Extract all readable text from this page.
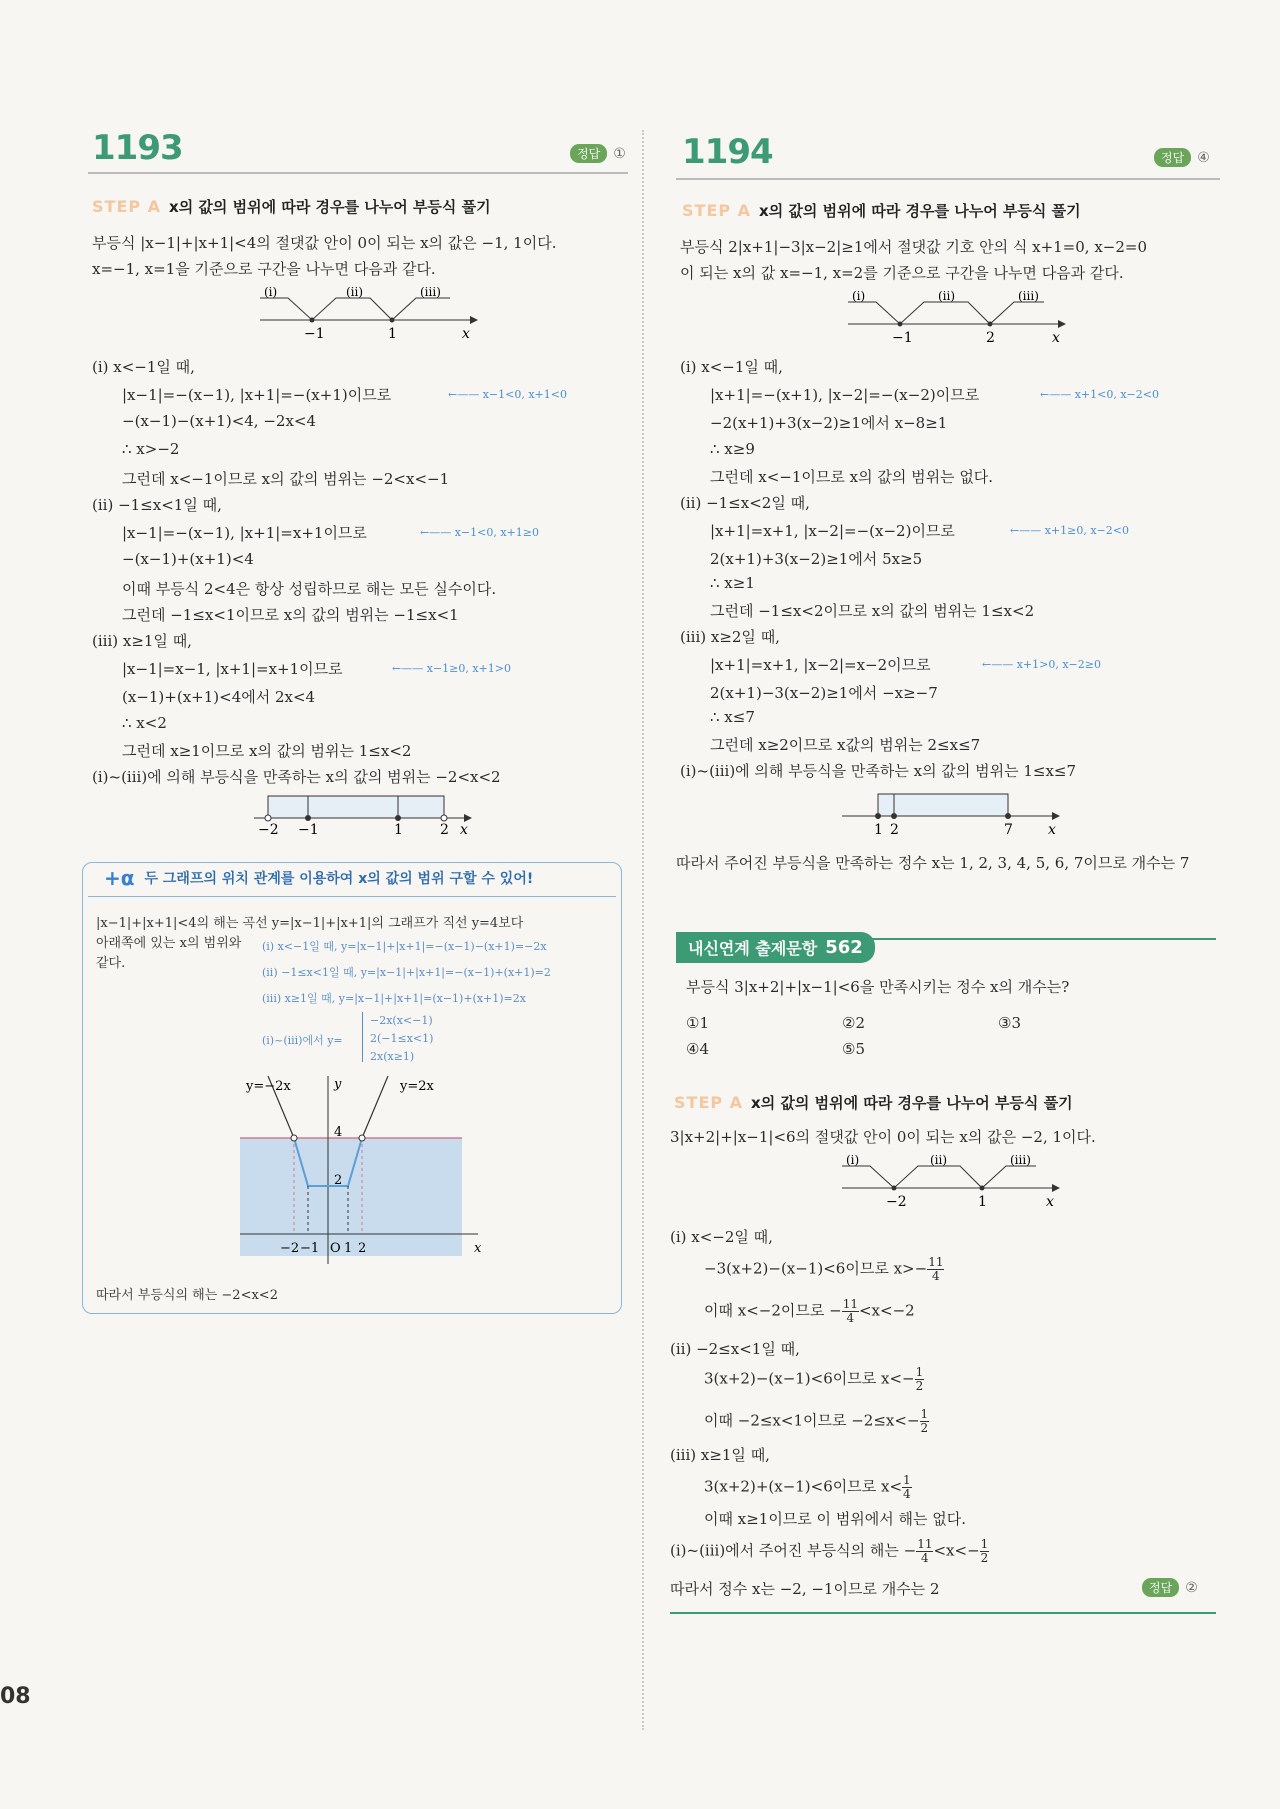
08
1193	정답 ①
STEP A x의 값의 범위에 따라 경우를 나누어 부등식 풀기
부등식 |x−1|+|x+1|<4의 절댓값 안이 0이 되는 x의 값은 −1, 1이다.
x=−1, x=1을 기준으로 구간을 나누면 다음과 같다.
(i)	(ii)	(iii)
−1	1	x
(i) x<−1일 때,
|x−1|=−(x−1), |x+1|=−(x+1)이므로	←—— x−1<0, x+1<0
−(x−1)−(x+1)<4, −2x<4
∴ x>−2
그런데 x<−1이므로 x의 값의 범위는 −2<x<−1
(ii) −1≤x<1일 때,
|x−1|=−(x−1), |x+1|=x+1이므로	←—— x−1<0, x+1≥0
−(x−1)+(x+1)<4
이때 부등식 2<4은 항상 성립하므로 해는 모든 실수이다.
그런데 −1≤x<1이므로 x의 값의 범위는 −1≤x<1
(iii) x≥1일 때,
|x−1|=x−1, |x+1|=x+1이므로	←—— x−1≥0, x+1>0
(x−1)+(x+1)<4에서 2x<4
∴ x<2
그런데 x≥1이므로 x의 값의 범위는 1≤x<2
(i)~(iii)에 의해 부등식을 만족하는 x의 값의 범위는 −2<x<2
−2 −1	1	2 x
+α 두 그래프의 위치 관계를 이용하여 x의 값의 범위 구할 수 있어!
|x−1|+|x+1|<4의 해는 곡선 y=|x−1|+|x+1|의 그래프가 직선 y=4보다
아래쪽에 있는 x의 범위와
같다.
(i) x<−1일 때, y=|x−1|+|x+1|=−(x−1)−(x+1)=−2x
(ii) −1≤x<1일 때, y=|x−1|+|x+1|=−(x−1)+(x+1)=2
(iii) x≥1일 때, y=|x−1|+|x+1|=(x−1)+(x+1)=2x
(i)~(iii)에서 y=
−2x(x<−1)
2(−1≤x<1)
2x(x≥1)
y=−2x	y=2x
y
x
4
2
−2 −1 O 1 2
따라서 부등식의 해는 −2<x<2
1194	정답 ④
STEP A x의 값의 범위에 따라 경우를 나누어 부등식 풀기
부등식 2|x+1|−3|x−2|≥1에서 절댓값 기호 안의 식 x+1=0, x−2=0
이 되는 x의 값 x=−1, x=2를 기준으로 구간을 나누면 다음과 같다.
(i)	(ii)	(iii)
−1	2	x
(i) x<−1일 때,
|x+1|=−(x+1), |x−2|=−(x−2)이므로	←—— x+1<0, x−2<0
−2(x+1)+3(x−2)≥1에서 x−8≥1
∴ x≥9
그런데 x<−1이므로 x의 값의 범위는 없다.
(ii) −1≤x<2일 때,
|x+1|=x+1, |x−2|=−(x−2)이므로	←—— x+1≥0, x−2<0
2(x+1)+3(x−2)≥1에서 5x≥5
∴ x≥1
그런데 −1≤x<2이므로 x의 값의 범위는 1≤x<2
(iii) x≥2일 때,
|x+1|=x+1, |x−2|=x−2이므로	←—— x+1>0, x−2≥0
2(x+1)−3(x−2)≥1에서 −x≥−7
∴ x≤7
그런데 x≥2이므로 x값의 범위는 2≤x≤7
(i)~(iii)에 의해 부등식을 만족하는 x의 값의 범위는 1≤x≤7
1 2	7	x
따라서 주어진 부등식을 만족하는 정수 x는 1, 2, 3, 4, 5, 6, 7이므로 개수는 7
내신연계 출제문항 562
부등식 3|x+2|+|x−1|<6을 만족시키는 정수 x의 개수는?
①1	②2	③3
④4	⑤5
STEP A x의 값의 범위에 따라 경우를 나누어 부등식 풀기
3|x+2|+|x−1|<6의 절댓값 안이 0이 되는 x의 값은 −2, 1이다.
(i)	(ii)	(iii)
−2	1	x
(i) x<−2일 때,
−3(x+2)−(x−1)<6이므로 $x>- \frac{11}{4}$
이때 x<−2이므로 − $\frac{11}{4} <x<-2$
(ii) −2≤x<1일 때,
3(x+2)−(x−1)<6이므로 $x<- \frac{1}{2}$
이때 −2≤x<1이므로 $-2\le x<- \frac{1}{2}$
(iii) x≥1일 때,
3(x+2)+(x−1)<6이므로 $x< \frac{1}{4}$
이때 x≥1이므로 이 범위에서 해는 없다.
(i)~(iii)에서 주어진 부등식의 해는 − $\frac{11}{4} <x<- \frac{1}{2}$
따라서 정수 x는 −2, −1이므로 개수는 2	정답 ②
